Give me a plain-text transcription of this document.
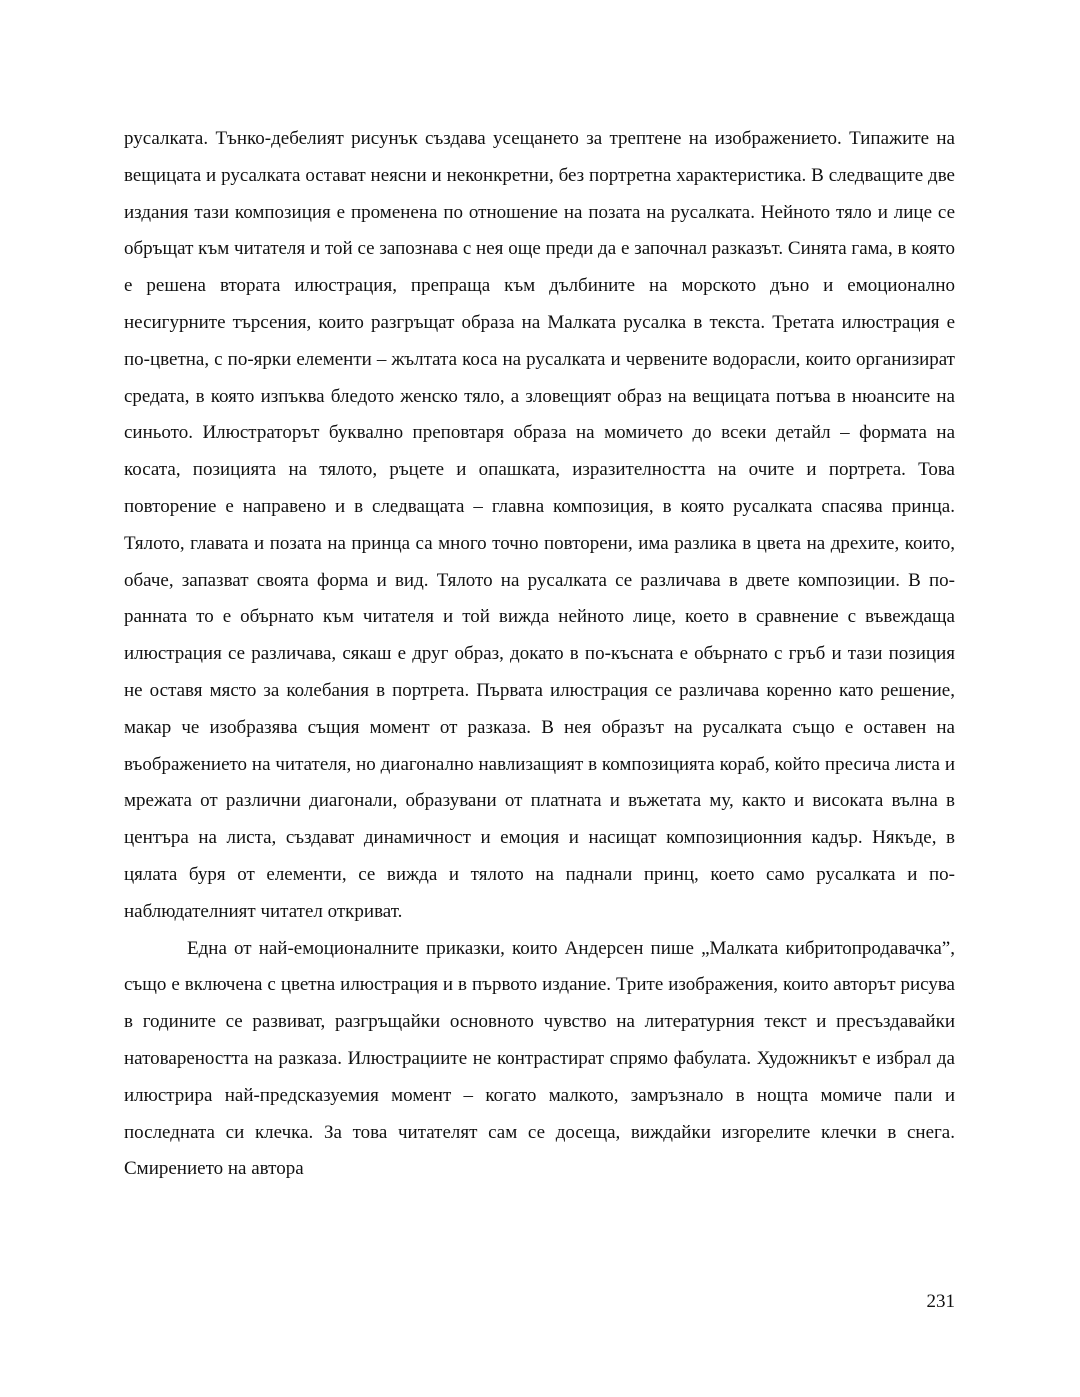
русалката. Тънко-дебелият рисунък създава усещането за трептене на изображението. Типажите на вещицата и русалката остават неясни и неконкретни, без портретна характеристика. В следващите две издания тази композиция е променена по отношение на позата на русалката. Нейното тяло и лице се обръщат към читателя и той се запознава с нея още преди да е започнал разказът. Синята гама, в която е решена втората илюстрация, препраща към дълбините на морското дъно и емоционално несигурните търсения, които разгръщат образа на Малката русалка в текста. Третата илюстрация е по-цветна, с по-ярки елементи – жълтата коса на русалката и червените водорасли, които организират средата, в която изпъква бледото женско тяло, а зловещият образ на вещицата потъва в нюансите на синьото. Илюстраторът буквално преповтаря образа на момичето до всеки детайл – формата на косата, позицията на тялото, ръцете и опашката, изразителността на очите и портрета. Това повторение е направено и в следващата – главна композиция, в която русалката спасява принца. Тялото, главата и позата на принца са много точно повторени, има разлика в цвета на дрехите, които, обаче, запазват своята форма и вид. Тялото на русалката се различава в двете композиции. В по-ранната то е обърнато към читателя и той вижда нейното лице, което в сравнение с въвеждаща илюстрация се различава, сякаш е друг образ, докато в по-късната е обърнато с гръб и тази позиция не оставя място за колебания в портрета. Първата илюстрация се различава коренно като решение, макар че изобразява същия момент от разказа. В нея образът на русалката също е оставен на въображението на читателя, но диагонално навлизащият в композицията кораб, който пресича листа и мрежата от различни диагонали, образувани от платната и въжетата му, както и високата вълна в центъра на листа, създават динамичност и емоция и насищат композиционния кадър. Някъде, в цялата буря от елементи, се вижда и тялото на паднали принц, което само русалката и по-наблюдателният читател откриват.

Една от най-емоционалните приказки, които Андерсен пише „Малката кибритопродавачка”, също е включена с цветна илюстрация и в първото издание. Трите изображения, които авторът рисува в годините се развиват, разгръщайки основното чувство на литературния текст и пресъздавайки натовареността на разказа. Илюстрациите не контрастират спрямо фабулата. Художникът е избрал да илюстрира най-предсказуемия момент – когато малкото, замръзнало в нощта момиче пали и последната си клечка. За това читателят сам се досеща, виждайки изгорелите клечки в снега. Смирението на автора

231
